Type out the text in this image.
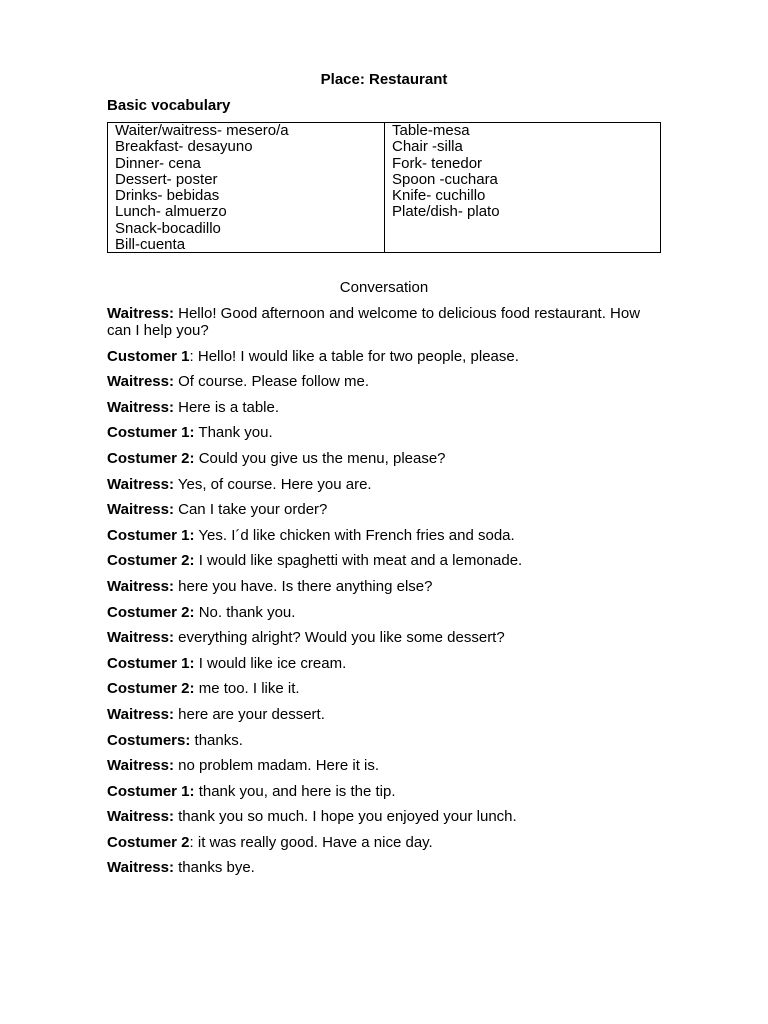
Place: Restaurant
Basic vocabulary
Waiter/waitress- mesero/a
Breakfast- desayuno
Dinner- cena
Dessert- poster
Drinks- bebidas
Lunch- almuerzo
Snack-bocadillo
Bill-cuenta
Table-mesa
Chair -silla
Fork- tenedor
Spoon -cuchara
Knife- cuchillo
Plate/dish- plato
Conversation
Waitress: Hello! Good afternoon and welcome to delicious food restaurant. How can I help you?
Customer 1: Hello! I would like a table for two people, please.
Waitress: Of course. Please follow me.
Waitress: Here is a table.
Costumer 1: Thank you.
Costumer 2: Could you give us the menu, please?
Waitress: Yes, of course. Here you are.
Waitress: Can I take your order?
Costumer 1: Yes. I´d like chicken with French fries and soda.
Costumer 2: I would like spaghetti with meat and a lemonade.
Waitress: here you have. Is there anything else?
Costumer 2: No. thank you.
Waitress: everything alright? Would you like some dessert?
Costumer 1: I would like ice cream.
Costumer 2: me too. I like it.
Waitress: here are your dessert.
Costumers: thanks.
Waitress: no problem madam. Here it is.
Costumer 1: thank you, and here is the tip.
Waitress: thank you so much. I hope you enjoyed your lunch.
Costumer 2: it was really good. Have a nice day.
Waitress: thanks bye.
